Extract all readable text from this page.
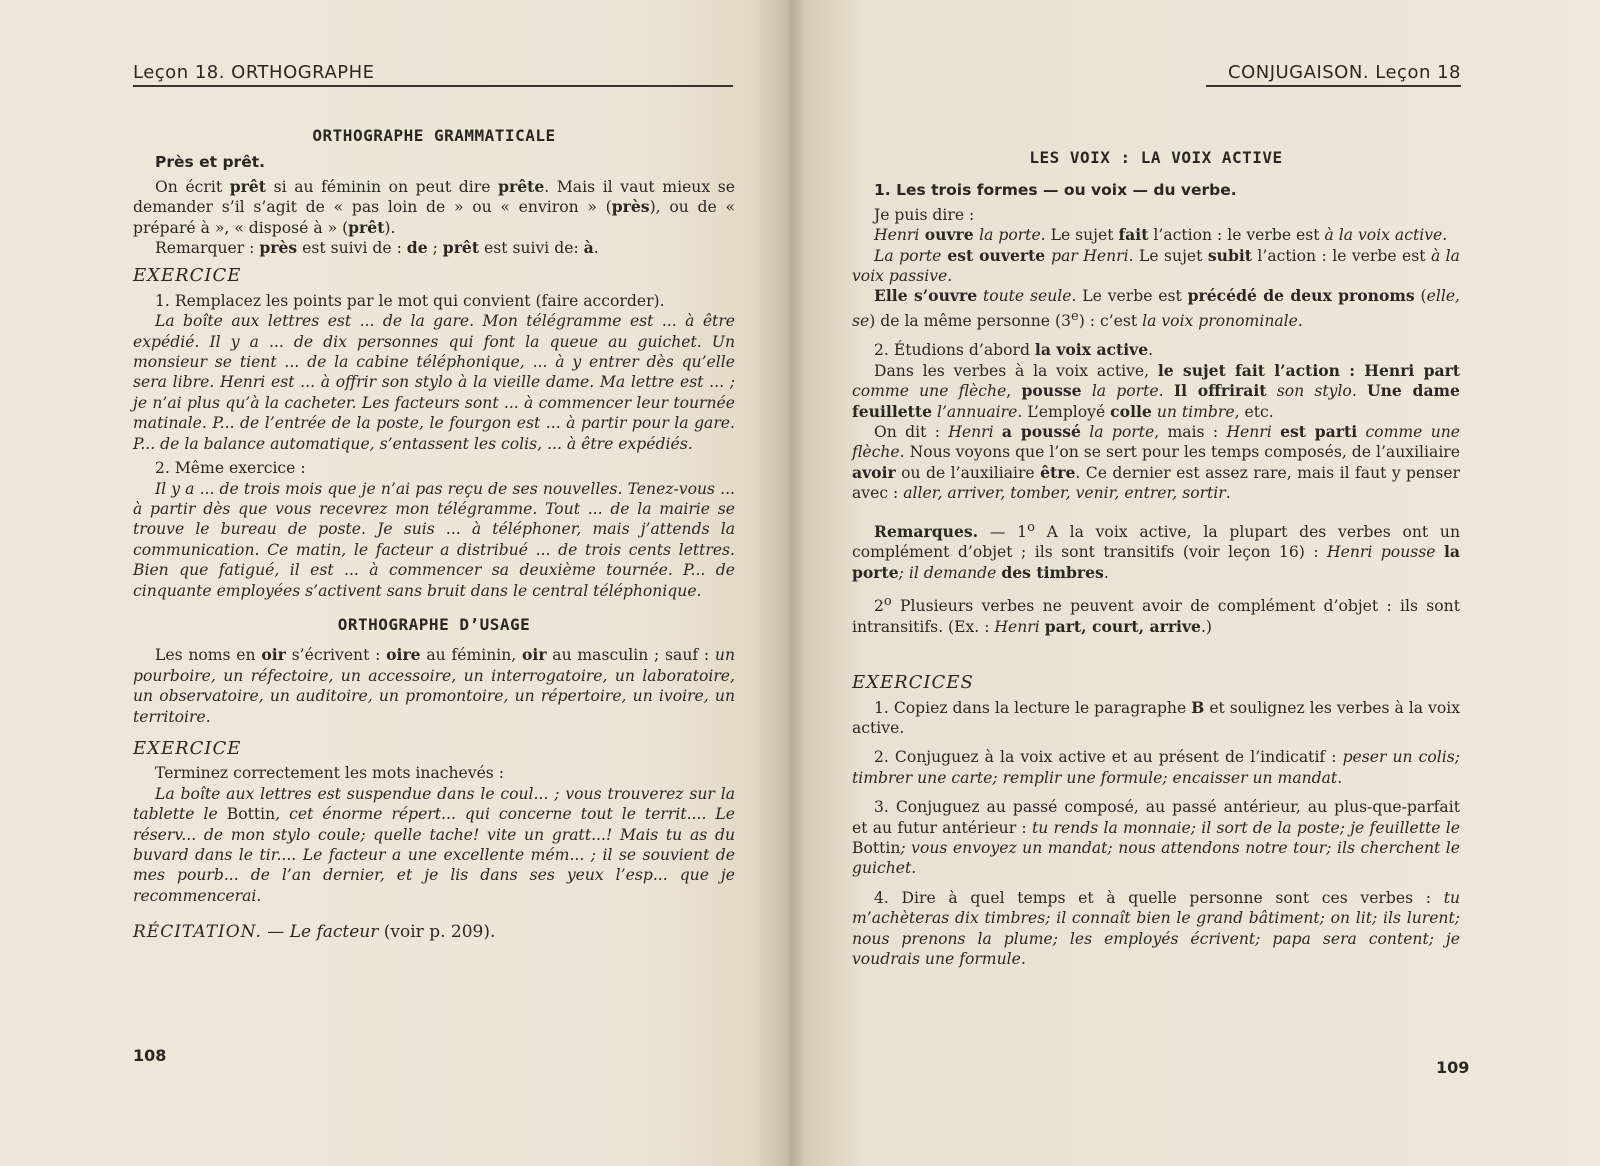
Leçon 18. ORTHOGRAPHE
ORTHOGRAPHE GRAMMATICALE

Près et prêt.

On écrit prêt si au féminin on peut dire prête. Mais il vaut mieux se demander s’il s’agit de « pas loin de » ou « environ » (près), ou de « préparé à », « disposé à » (prêt).

Remarquer : près est suivi de : de ; prêt est suivi de: à.

EXERCICE

1. Remplacez les points par le mot qui convient (faire accorder).

La boîte aux lettres est ... de la gare. Mon télégramme est ... à être expédié. Il y a ... de dix personnes qui font la queue au guichet. Un monsieur se tient ... de la cabine téléphonique, ... à y entrer dès qu’elle sera libre. Henri est ... à offrir son stylo à la vieille dame. Ma lettre est ... ; je n’ai plus qu’à la cacheter. Les facteurs sont ... à commencer leur tournée matinale. P... de l’entrée de la poste, le fourgon est ... à partir pour la gare. P... de la balance automatique, s’entassent les colis, ... à être expédiés.

2. Même exercice :

Il y a ... de trois mois que je n’ai pas reçu de ses nouvelles. Tenez-vous ... à partir dès que vous recevrez mon télégramme. Tout ... de la mairie se trouve le bureau de poste. Je suis ... à téléphoner, mais j’attends la communication. Ce matin, le facteur a distribué ... de trois cents lettres. Bien que fatigué, il est ... à commencer sa deuxième tournée. P... de cinquante employées s’activent sans bruit dans le central téléphonique.

ORTHOGRAPHE D’USAGE

Les noms en oir s’écrivent : oire au féminin, oir au masculin ; sauf : un pourboire, un réfectoire, un accessoire, un interrogatoire, un laboratoire, un observatoire, un auditoire, un promontoire, un répertoire, un ivoire, un territoire.

EXERCICE

Terminez correctement les mots inachevés :

La boîte aux lettres est suspendue dans le coul... ; vous trouverez sur la tablette le Bottin, cet énorme répert... qui concerne tout le territ.... Le réserv... de mon stylo coule; quelle tache! vite un gratt...! Mais tu as du buvard dans le tir.... Le facteur a une excellente mém... ; il se souvient de mes pourb... de l’an dernier, et je lis dans ses yeux l’esp... que je recommencerai.

RÉCITATION. — Le facteur (voir p. 209).

108
CONJUGAISON. Leçon 18
LES VOIX : LA VOIX ACTIVE

1. Les trois formes — ou voix — du verbe.

Je puis dire :

Henri ouvre la porte. Le sujet fait l’action : le verbe est à la voix active.

La porte est ouverte par Henri. Le sujet subit l’action : le verbe est à la voix passive.

Elle s’ouvre toute seule. Le verbe est précédé de deux pronoms (elle, se) de la même personne (3e) : c’est la voix pronominale.

2. Étudions d’abord la voix active.

Dans les verbes à la voix active, le sujet fait l’action : Henri part comme une flèche, pousse la porte. Il offrirait son stylo. Une dame feuillette l’annuaire. L’employé colle un timbre, etc.

On dit : Henri a poussé la porte, mais : Henri est parti comme une flèche. Nous voyons que l’on se sert pour les temps composés, de l’auxiliaire avoir ou de l’auxiliaire être. Ce dernier est assez rare, mais il faut y penser avec : aller, arriver, tomber, venir, entrer, sortir.

Remarques. — 1$^o$ A la voix active, la plupart des verbes ont un complément d’objet ; ils sont transitifs (voir leçon 16) : Henri pousse la porte; il demande des timbres.

2$^o$ Plusieurs verbes ne peuvent avoir de complément d’objet : ils sont intransitifs. (Ex. : Henri part, court, arrive.)

EXERCICES

1. Copiez dans la lecture le paragraphe B et soulignez les verbes à la voix active.

2. Conjuguez à la voix active et au présent de l’indicatif : peser un colis; timbrer une carte; remplir une formule; encaisser un mandat.

3. Conjuguez au passé composé, au passé antérieur, au plus-que-parfait et au futur antérieur : tu rends la monnaie; il sort de la poste; je feuillette le Bottin; vous envoyez un mandat; nous attendons notre tour; ils cherchent le guichet.

4. Dire à quel temps et à quelle personne sont ces verbes : tu m’achèteras dix timbres; il connaît bien le grand bâtiment; on lit; ils lurent; nous prenons la plume; les employés écrivent; papa sera content; je voudrais une formule.

109
